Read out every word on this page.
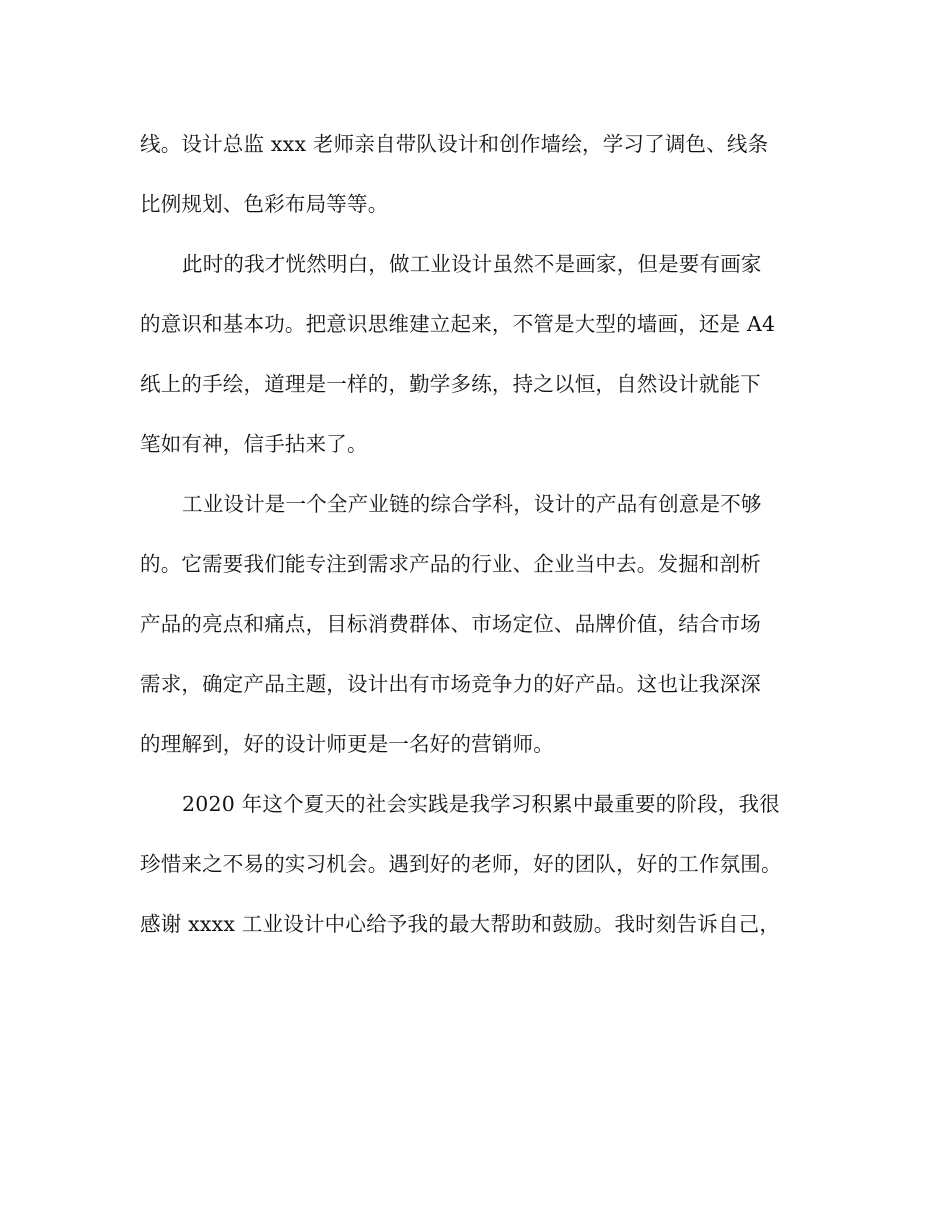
线。设计总监 xxx 老师亲自带队设计和创作墙绘，学习了调色、线条
比例规划、色彩布局等等。
此时的我才恍然明白，做工业设计虽然不是画家，但是要有画家
的意识和基本功。把意识思维建立起来，不管是大型的墙画，还是 A4
纸上的手绘，道理是一样的，勤学多练，持之以恒，自然设计就能下
笔如有神，信手拈来了。
工业设计是一个全产业链的综合学科，设计的产品有创意是不够
的。它需要我们能专注到需求产品的行业、企业当中去。发掘和剖析
产品的亮点和痛点，目标消费群体、市场定位、品牌价值，结合市场
需求，确定产品主题，设计出有市场竞争力的好产品。这也让我深深
的理解到，好的设计师更是一名好的营销师。
2020 年这个夏天的社会实践是我学习积累中最重要的阶段，我很
珍惜来之不易的实习机会。遇到好的老师，好的团队，好的工作氛围。
感谢 xxxx 工业设计中心给予我的最大帮助和鼓励。我时刻告诉自己，
